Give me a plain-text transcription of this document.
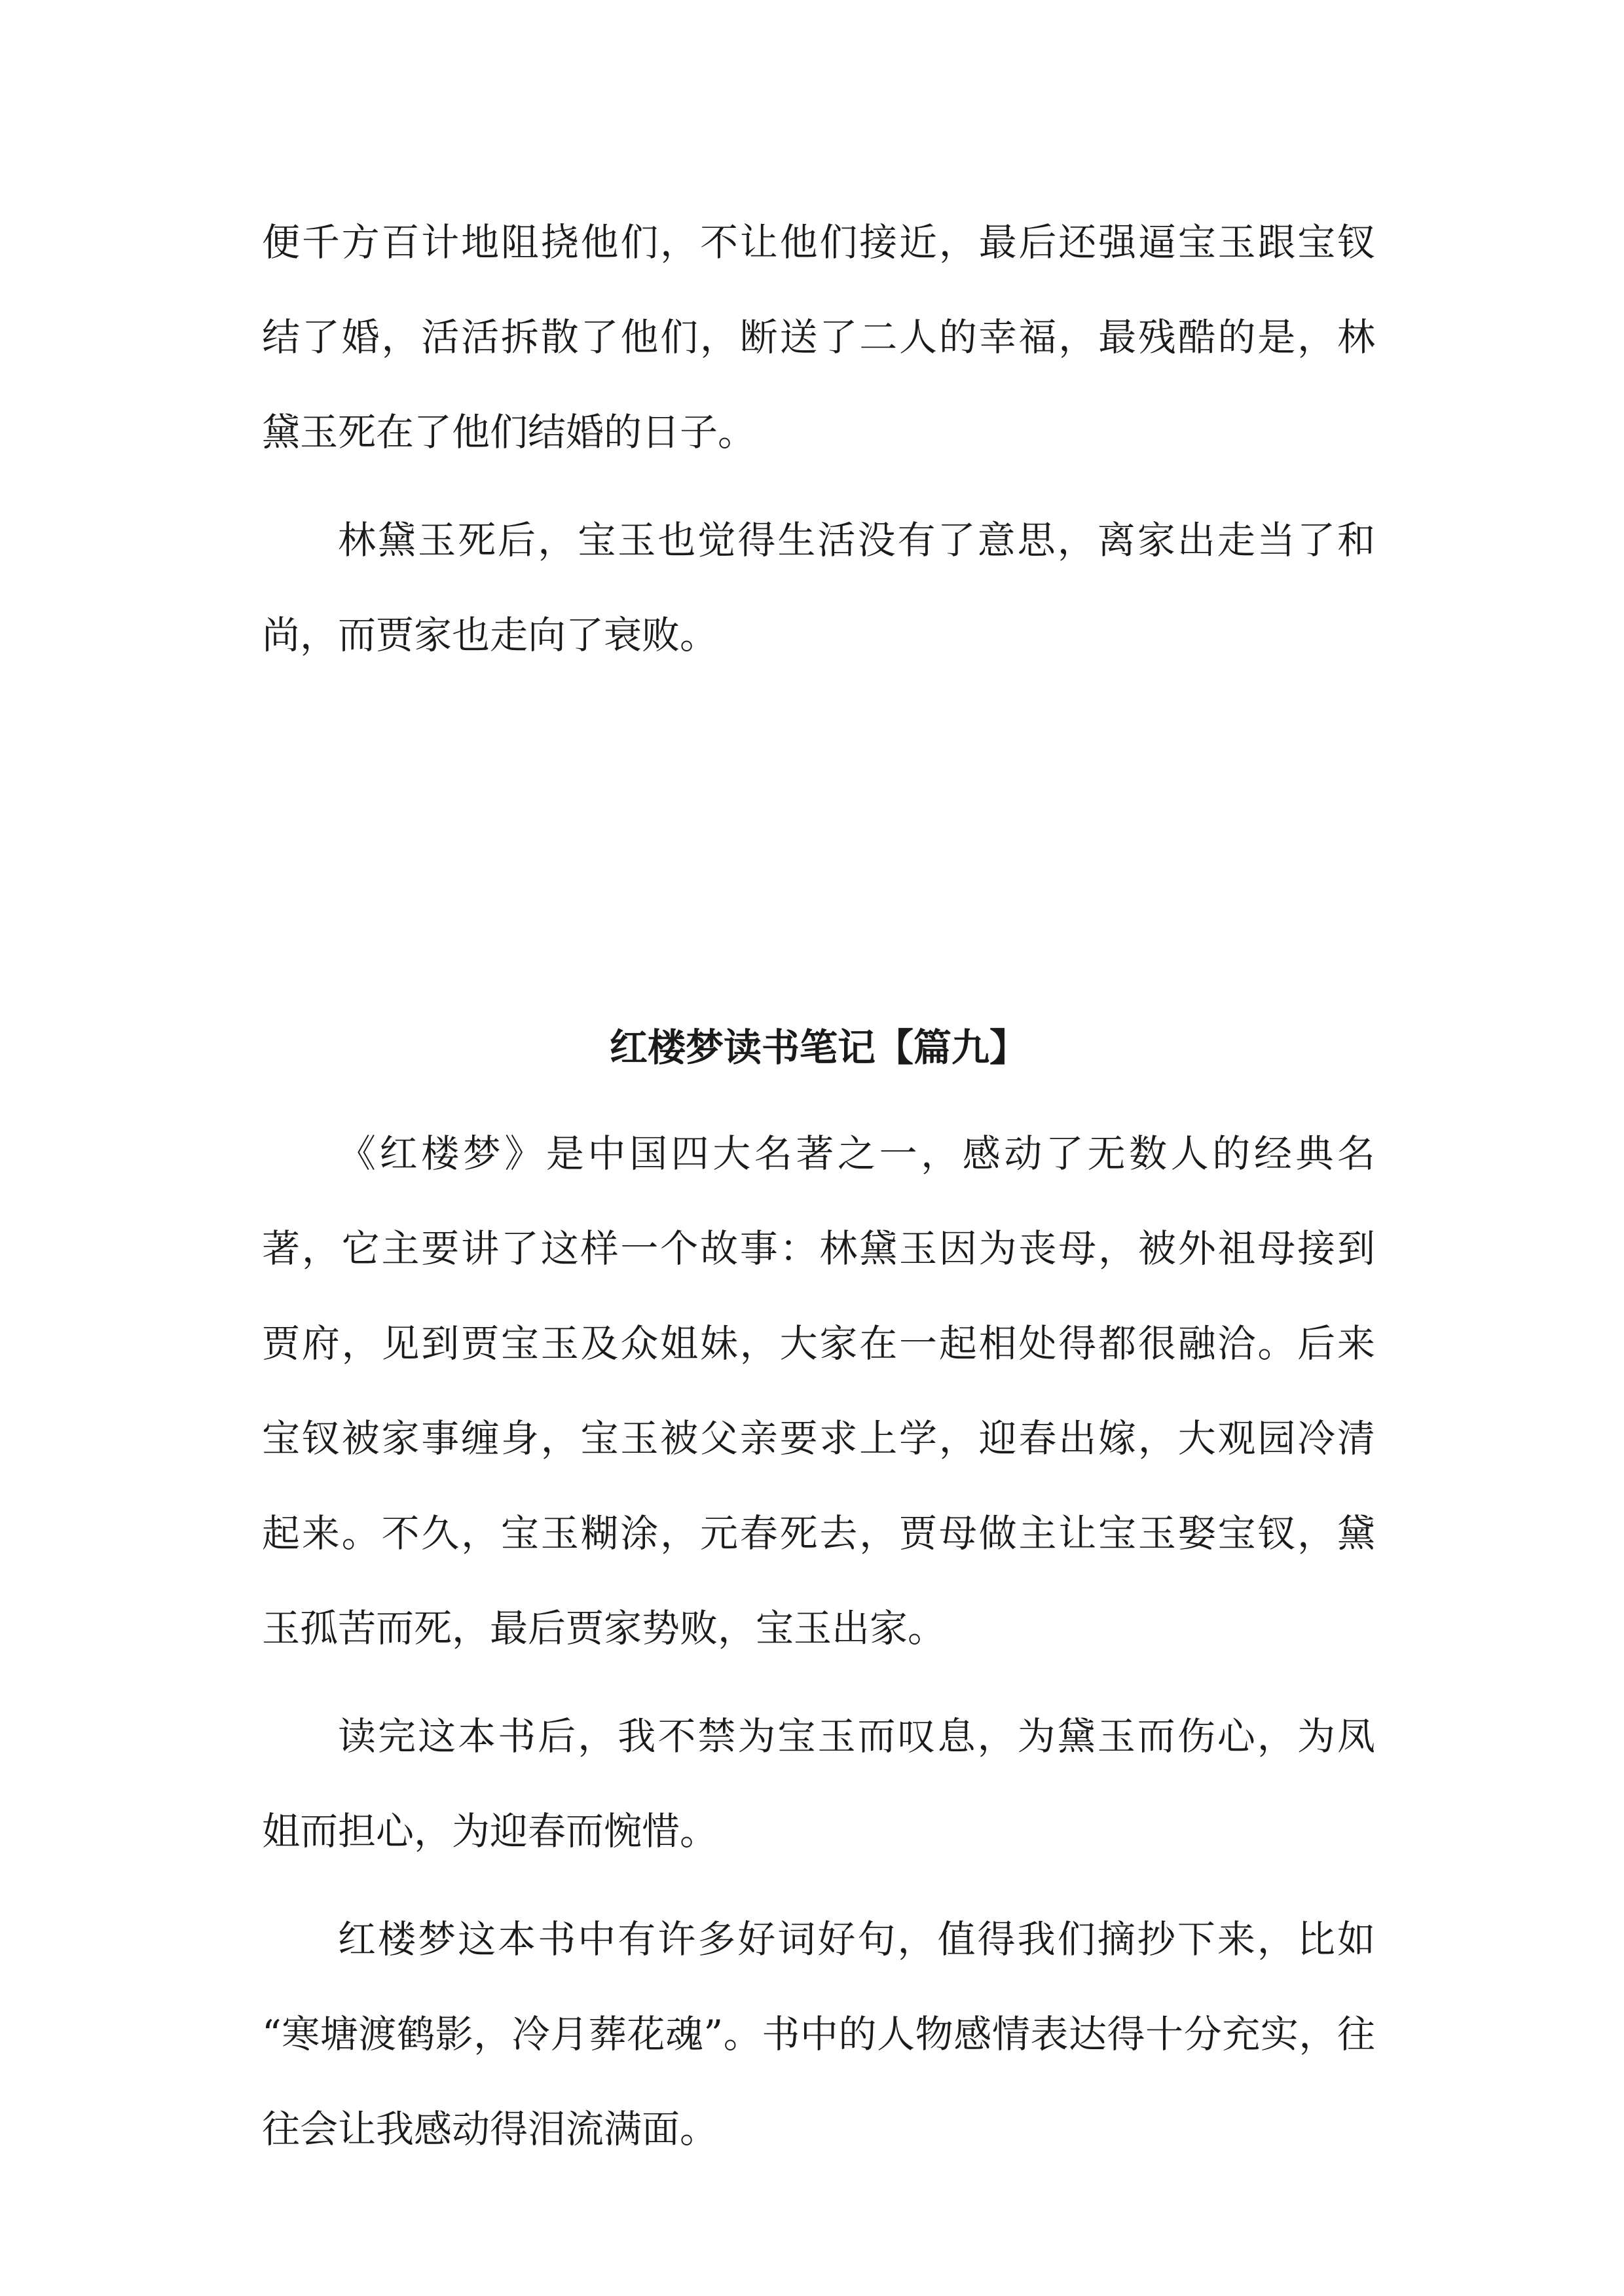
便千方百计地阻挠他们，不让他们接近，最后还强逼宝玉跟宝钗
结了婚，活活拆散了他们，断送了二人的幸福，最残酷的是，林
黛玉死在了他们结婚的日子。
林黛玉死后，宝玉也觉得生活没有了意思，离家出走当了和
尚，而贾家也走向了衰败。
红楼梦读书笔记【篇九】
《红楼梦》是中国四大名著之一，感动了无数人的经典名
著，它主要讲了这样一个故事：林黛玉因为丧母，被外祖母接到
贾府，见到贾宝玉及众姐妹，大家在一起相处得都很融洽。后来
宝钗被家事缠身，宝玉被父亲要求上学，迎春出嫁，大观园冷清
起来。不久，宝玉糊涂，元春死去，贾母做主让宝玉娶宝钗，黛
玉孤苦而死，最后贾家势败，宝玉出家。
读完这本书后，我不禁为宝玉而叹息，为黛玉而伤心，为凤
姐而担心，为迎春而惋惜。
红楼梦这本书中有许多好词好句，值得我们摘抄下来，比如
“寒塘渡鹤影，冷月葬花魂”。书中的人物感情表达得十分充实，往
往会让我感动得泪流满面。
